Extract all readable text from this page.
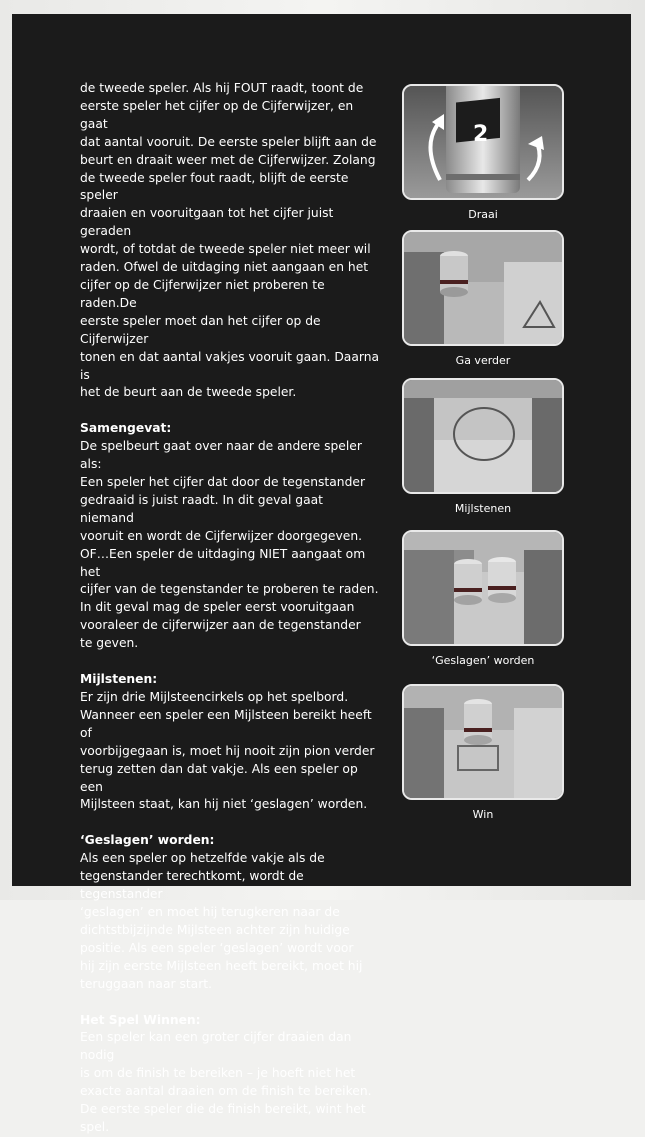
de tweede speler. Als hij FOUT raadt, toont de

eerste speler het cijfer op de Cijferwijzer, en gaat

dat aantal vooruit. De eerste speler blijft aan de

beurt en draait weer met de Cijferwijzer. Zolang

de tweede speler fout raadt, blijft de eerste speler

draaien en vooruitgaan tot het cijfer juist geraden

wordt, of totdat de tweede speler niet meer wil

raden. Ofwel de uitdaging niet aangaan en het

cijfer op de Cijferwijzer niet proberen te raden.De

eerste speler moet dan het cijfer op de Cijferwijzer

tonen en dat aantal vakjes vooruit gaan. Daarna is

het de beurt aan de tweede speler.

Samengevat:

De spelbeurt gaat over naar de andere speler als:

Een speler het cijfer dat door de tegenstander

gedraaid is juist raadt. In dit geval gaat niemand

vooruit en wordt de Cijferwijzer doorgegeven.

OF…Een speler de uitdaging NIET aangaat om het

cijfer van de tegenstander te proberen te raden.

In dit geval mag de speler eerst vooruitgaan

vooraleer de cijferwijzer aan de tegenstander

te geven.

Mijlstenen:

Er zijn drie Mijlsteencirkels op het spelbord.

Wanneer een speler een Mijlsteen bereikt heeft of

voorbijgegaan is, moet hij nooit zijn pion verder

terug zetten dan dat vakje. Als een speler op een

Mijlsteen staat, kan hij niet ‘geslagen’ worden.

‘Geslagen’ worden:

Als een speler op hetzelfde vakje als de

tegenstander terechtkomt, wordt de tegenstander

‘geslagen’ en moet hij terugkeren naar de

dichtstbijzijnde Mijlsteen achter zijn huidige

positie. Als een speler ‘geslagen’ wordt voor

hij zijn eerste Mijlsteen heeft bereikt, moet hij

teruggaan naar start.

Het Spel Winnen:

Een speler kan een groter cijfer draaien dan nodig

is om de finish te bereiken – je hoeft niet het

exacte aantal draaien om de finish te bereiken.

De eerste speler die de finish bereikt, wint het spel.

2
Draai
Ga verder
Mijlstenen
‘Geslagen’ worden
Win
